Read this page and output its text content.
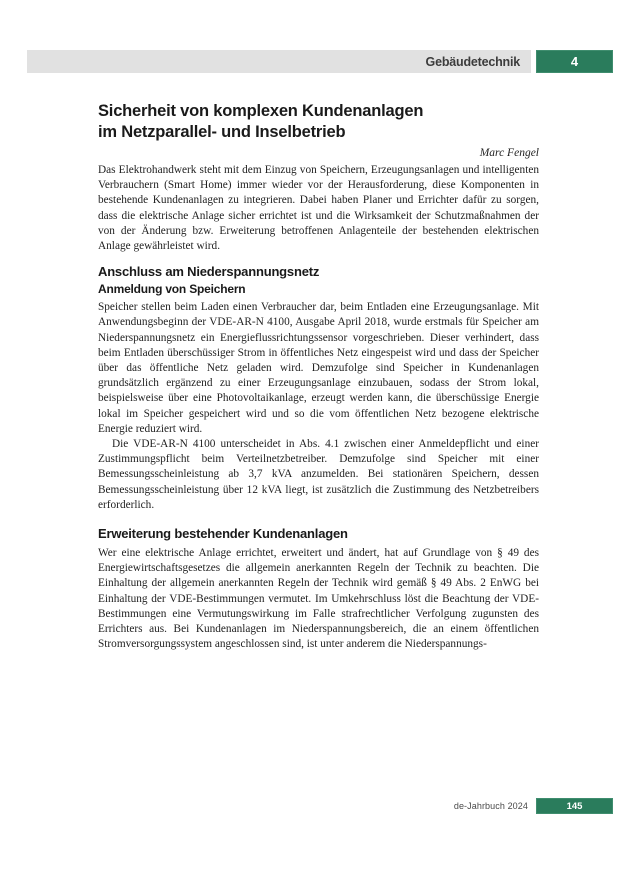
Gebäudetechnik	4
Sicherheit von komplexen Kundenanlagen
im Netzparallel- und Inselbetrieb
Marc Fengel

Das Elektrohandwerk steht mit dem Einzug von Speichern, Erzeugungsanlagen und intelligenten Verbrauchern (Smart Home) immer wieder vor der Herausforderung, diese Komponenten in bestehende Kundenanlagen zu integrieren. Dabei haben Planer und Errichter dafür zu sorgen, dass die elektrische Anlage sicher errichtet ist und die Wirksamkeit der Schutzmaßnahmen der von der Änderung bzw. Erweiterung betroffenen Anlagenteile der bestehenden elektrischen Anlage gewährleistet wird.

Anschluss am Niederspannungsnetz
Anmeldung von Speichern

Speicher stellen beim Laden einen Verbraucher dar, beim Entladen eine Erzeugungsanlage. Mit Anwendungsbeginn der VDE-AR-N 4100, Ausgabe April 2018, wurde erstmals für Speicher am Niederspannungsnetz ein Energieflussrichtungssensor vorgeschrieben. Dieser verhindert, dass beim Entladen überschüssiger Strom in öffentliches Netz eingespeist wird und dass der Speicher über das öffentliche Netz geladen wird. Demzufolge sind Speicher in Kundenanlagen grundsätzlich ergänzend zu einer Erzeugungsanlage einzubauen, sodass der Strom lokal, beispielsweise über eine Photovoltaikanlage, erzeugt werden kann, die überschüssige Energie lokal im Speicher gespeichert wird und so die vom öffentlichen Netz bezogene elektrische Energie reduziert wird.

Die VDE-AR-N 4100 unterscheidet in Abs. 4.1 zwischen einer Anmeldepflicht und einer Zustimmungspflicht beim Verteilnetzbetreiber. Demzufolge sind Speicher mit einer Bemessungsscheinleistung ab 3,7 kVA anzumelden. Bei stationären Speichern, dessen Bemessungsscheinleistung über 12 kVA liegt, ist zusätzlich die Zustimmung des Netzbetreibers erforderlich.

Erweiterung bestehender Kundenanlagen

Wer eine elektrische Anlage errichtet, erweitert und ändert, hat auf Grundlage von § 49 des Energiewirtschaftsgesetzes die allgemein anerkannten Regeln der Technik zu beachten. Die Einhaltung der allgemein anerkannten Regeln der Technik wird gemäß § 49 Abs. 2 EnWG bei Einhaltung der VDE-Bestimmungen vermutet. Im Umkehrschluss löst die Beachtung der VDE-Bestimmungen eine Vermutungswirkung im Falle strafrechtlicher Verfolgung zugunsten des Errichters aus. Bei Kundenanlagen im Niederspannungsbereich, die an einem öffentlichen Stromversorgungssystem angeschlossen sind, ist unter anderem die Niederspannungs-

de-Jahrbuch 2024	145
